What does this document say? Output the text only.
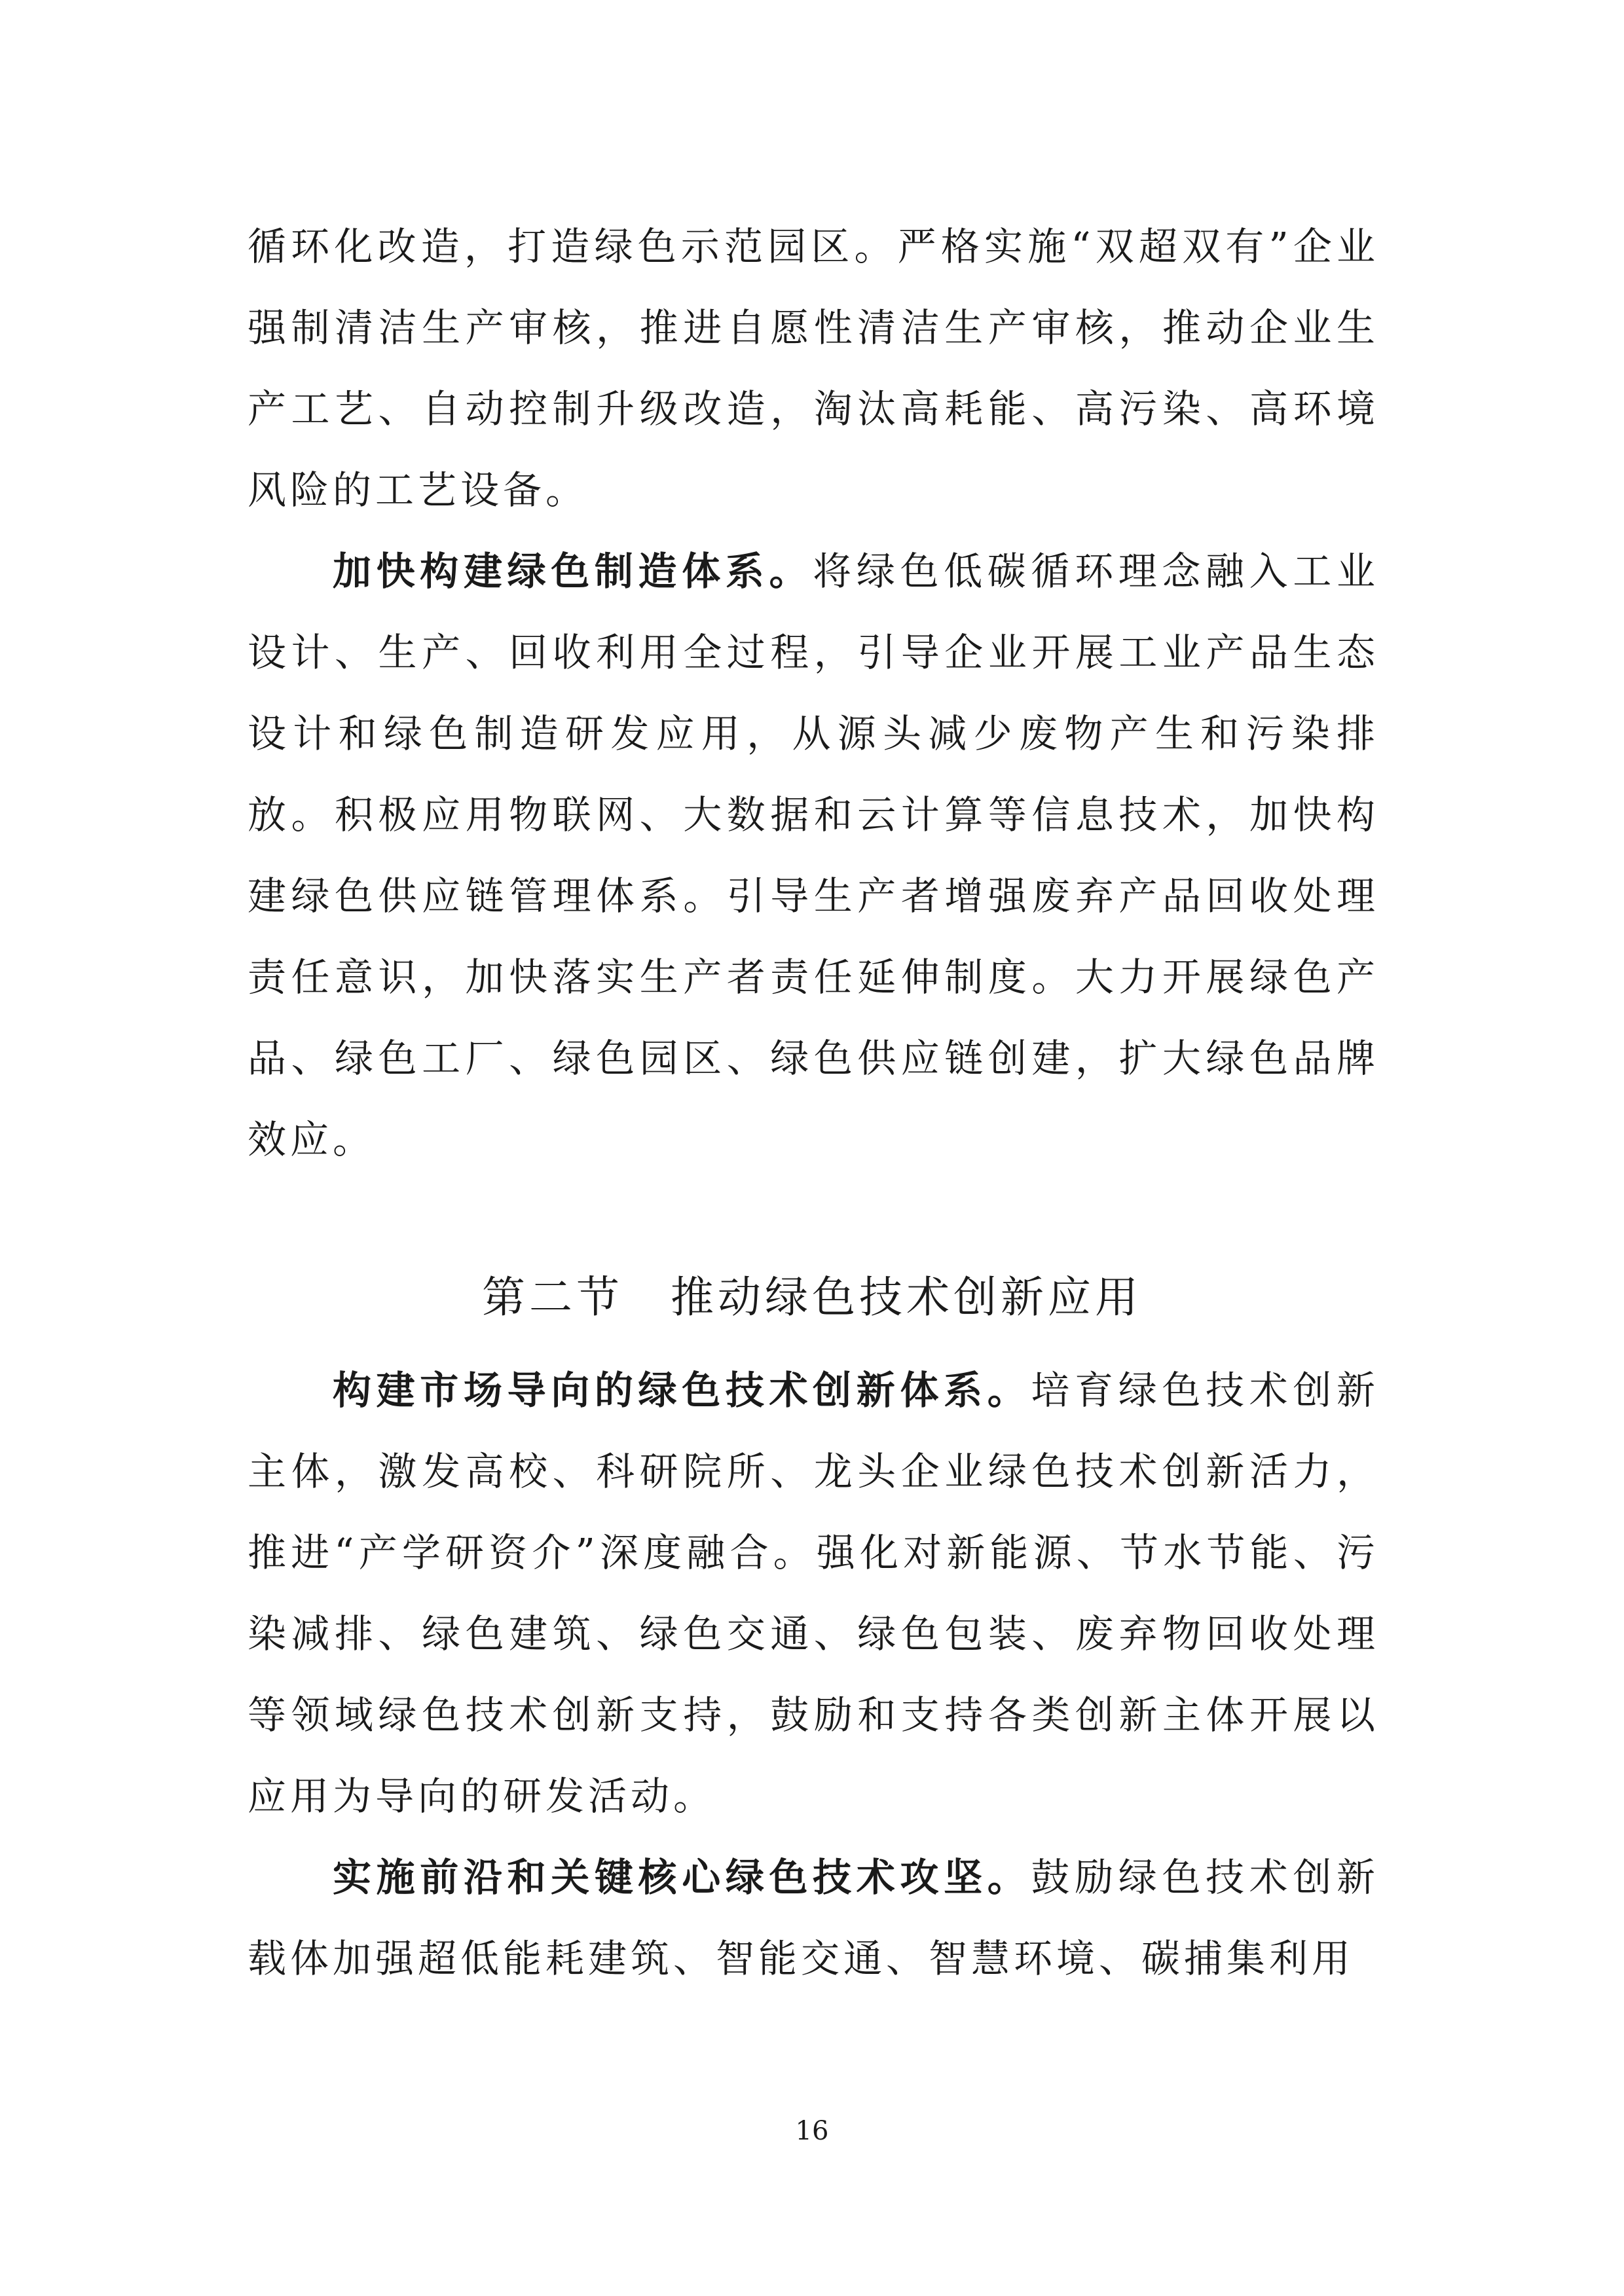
循环化改造，打造绿色示范园区。严格实施“双超双有”企业强制清洁生产审核，推进自愿性清洁生产审核，推动企业生产工艺、自动控制升级改造，淘汰高耗能、高污染、高环境风险的工艺设备。

加快构建绿色制造体系。将绿色低碳循环理念融入工业设计、生产、回收利用全过程，引导企业开展工业产品生态设计和绿色制造研发应用，从源头减少废物产生和污染排放。积极应用物联网、大数据和云计算等信息技术，加快构建绿色供应链管理体系。引导生产者增强废弃产品回收处理责任意识，加快落实生产者责任延伸制度。大力开展绿色产品、绿色工厂、绿色园区、绿色供应链创建，扩大绿色品牌效应。

第二节　 推动绿色技术创新应用

构建市场导向的绿色技术创新体系。培育绿色技术创新主体，激发高校、科研院所、龙头企业绿色技术创新活力，推进“产学研资介”深度融合。强化对新能源、节水节能、污染减排、绿色建筑、绿色交通、绿色包装、废弃物回收处理等领域绿色技术创新支持，鼓励和支持各类创新主体开展以应用为导向的研发活动。

实施前沿和关键核心绿色技术攻坚。鼓励绿色技术创新载体加强超低能耗建筑、智能交通、智慧环境、碳捕集利用

16
